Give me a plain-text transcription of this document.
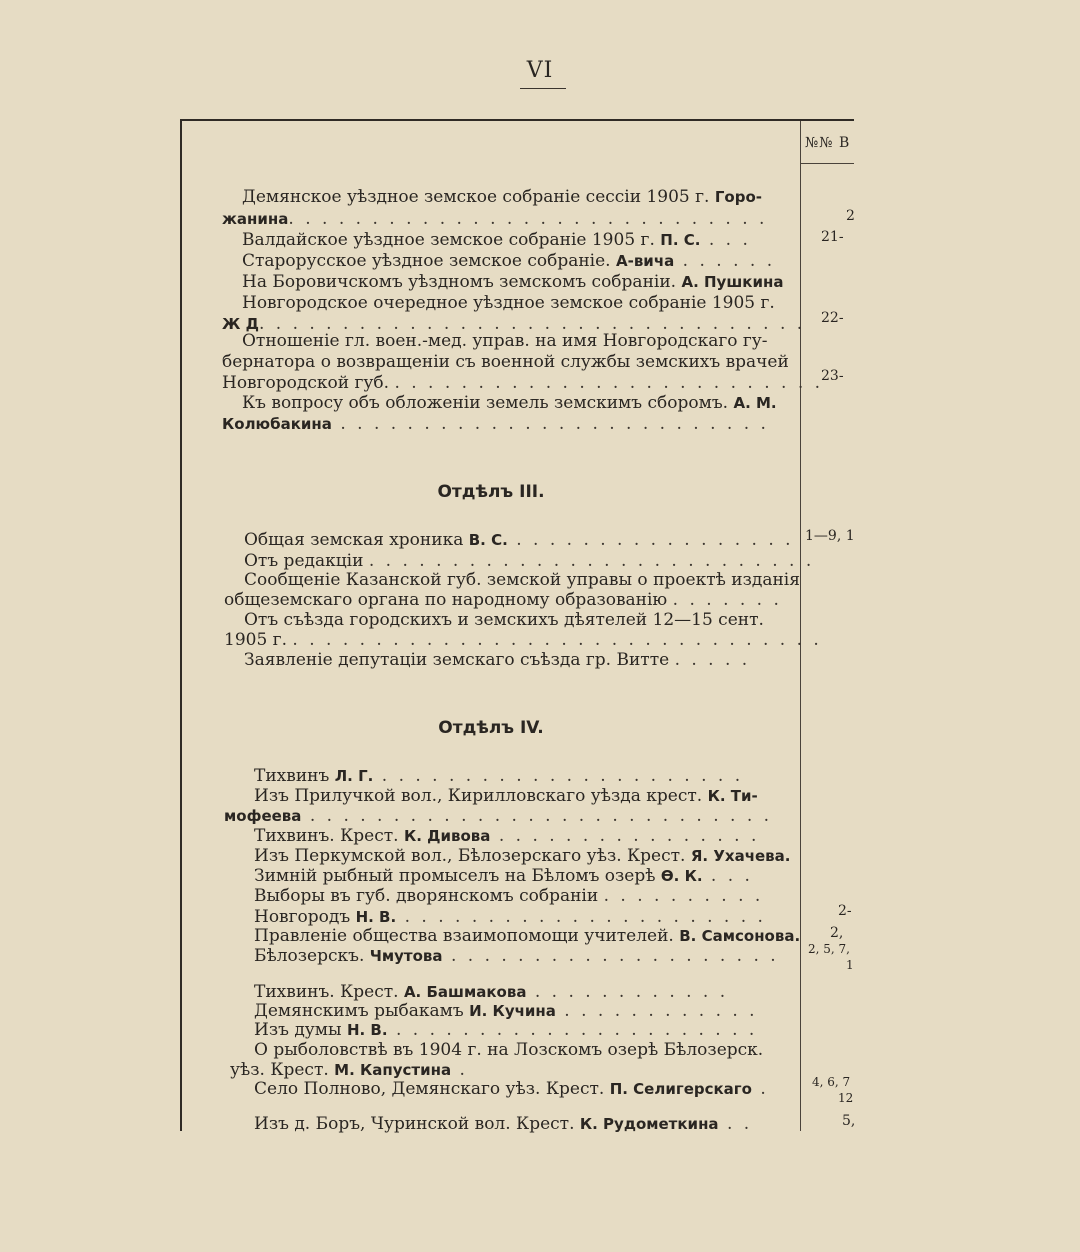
VI
№№ В
Демянское уѣздное земское собраніе сессіи 1905 г. Горо-
жанина. . . . . . . . . . . . . . . . . . . . . . . . . . . . .
Валдайское уѣздное земское собраніе 1905 г. П. С. . . .
Старорусское уѣздное земское собраніе. А-вича . . . . . .
На Боровичскомъ уѣздномъ земскомъ собраніи. А. Пушкина
Новгородское очередное уѣздное земское собраніе 1905 г.
Ж Д. . . . . . . . . . . . . . . . . . . . . . . . . . . . . . . . .
Отношеніе гл. воен.-мед. управ. на имя Новгородскаго гу-
бернатора о возвращеніи съ военной службы земскихъ врачей
Новгородской губ. . . . . . . . . . . . . . . . . . . . . . . . . . .
Къ вопросу объ обложеніи земель земскимъ сборомъ. А. М.
Колюбакина . . . . . . . . . . . . . . . . . . . . . . . . . .
Отдѣлъ III.
Общая земская хроника В. С. . . . . . . . . . . . . . . . . .
Отъ редакціи . . . . . . . . . . . . . . . . . . . . . . . . . . .
Сообщеніе Казанской губ. земской управы о проектѣ изданія
общеземскаго органа по народному образованію . . . . . . .
Отъ съѣзда городскихъ и земскихъ дѣятелей 12—15 сент.
1905 г. . . . . . . . . . . . . . . . . . . . . . . . . . . . . . . . .
Заявленіе депутаціи земскаго съѣзда гр. Витте . . . . .
Отдѣлъ IV.
Тихвинъ Л. Г. . . . . . . . . . . . . . . . . . . . . . .
Изъ Прилучкой вол., Кирилловскаго уѣзда крест. К. Ти-
мофеева . . . . . . . . . . . . . . . . . . . . . . . . . . . .
Тихвинъ. Крест. К. Дивова . . . . . . . . . . . . . . . .
Изъ Перкумской вол., Бѣлозерскаго уѣз. Крест. Я. Ухачева.
Зимній рыбный промыселъ на Бѣломъ озерѣ Ѳ. К. . . .
Выборы въ губ. дворянскомъ собраніи . . . . . . . . . .
Новгородъ Н. В. . . . . . . . . . . . . . . . . . . . . . .
Правленіе общества взаимопомощи учителей. В. Самсонова.
Бѣлозерскъ. Чмутова . . . . . . . . . . . . . . . . . . . .
Тихвинъ. Крест. А. Башмакова . . . . . . . . . . . .
Демянскимъ рыбакамъ И. Кучина . . . . . . . . . . . .
Изъ думы Н. В. . . . . . . . . . . . . . . . . . . . . . .
О рыболовствѣ въ 1904 г. на Лозскомъ озерѣ Бѣлозерск.
уѣз. Крест. М. Капустина .
Село Полново, Демянскаго уѣз. Крест. П. Селигерскаго .
Изъ д. Боръ, Чуринской вол. Крест. К. Рудометкина . .
2
21-
22-
23-
1—9, 1
2-
2,
2, 5, 7,
1
4, 6, 7
12
5,
